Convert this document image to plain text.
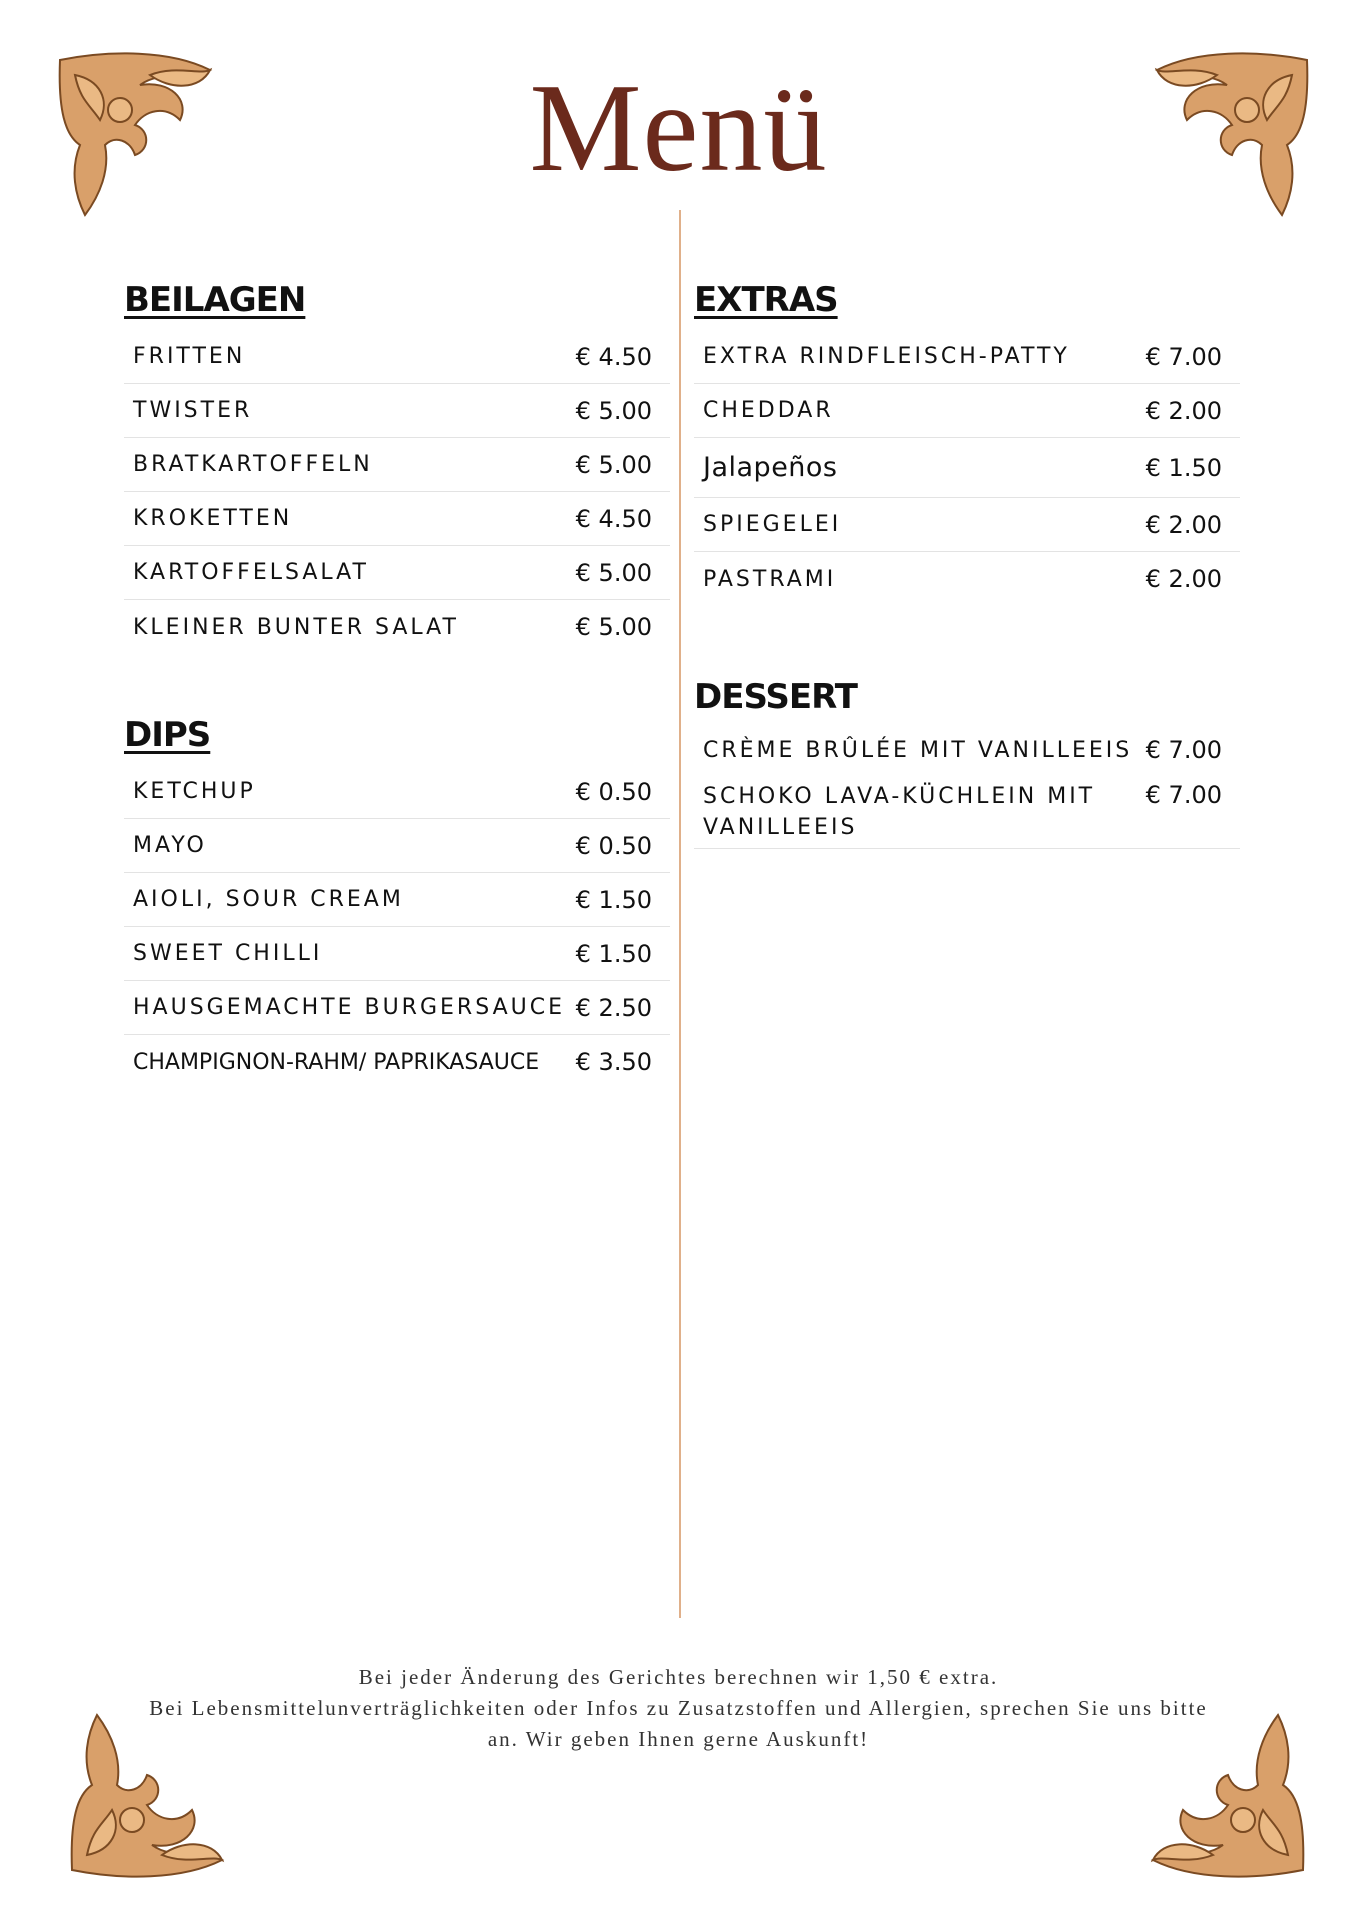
Menü
BEILAGEN
FRITTEN	€ 4.50
TWISTER	€ 5.00
BRATKARTOFFELN	€ 5.00
KROKETTEN	€ 4.50
KARTOFFELSALAT	€ 5.00
KLEINER BUNTER SALAT	€ 5.00
DIPS
KETCHUP	€ 0.50
MAYO	€ 0.50
AIOLI, SOUR CREAM	€ 1.50
SWEET CHILLI	€ 1.50
HAUSGEMACHTE BURGERSAUCE € 2.50
CHAMPIGNON-RAHM/ PAPRIKASAUCE € 3.50
EXTRAS
EXTRA RINDFLEISCH-PATTY	€ 7.00
CHEDDAR	€ 2.00
Jalapeños	€ 1.50
SPIEGELEI	€ 2.00
PASTRAMI	€ 2.00
DESSERT
CRÈME BRÛLÉE MIT VANILLEEIS € 7.00
SCHOKO LAVA-KÜCHLEIN MIT VANILLEEIS
€ 7.00
Bei jeder Änderung des Gerichtes berechnen wir 1,50 € extra.
Bei Lebensmittelunverträglichkeiten oder Infos zu Zusatzstoffen und Allergien, sprechen Sie uns bitte an. Wir geben Ihnen gerne Auskunft!
